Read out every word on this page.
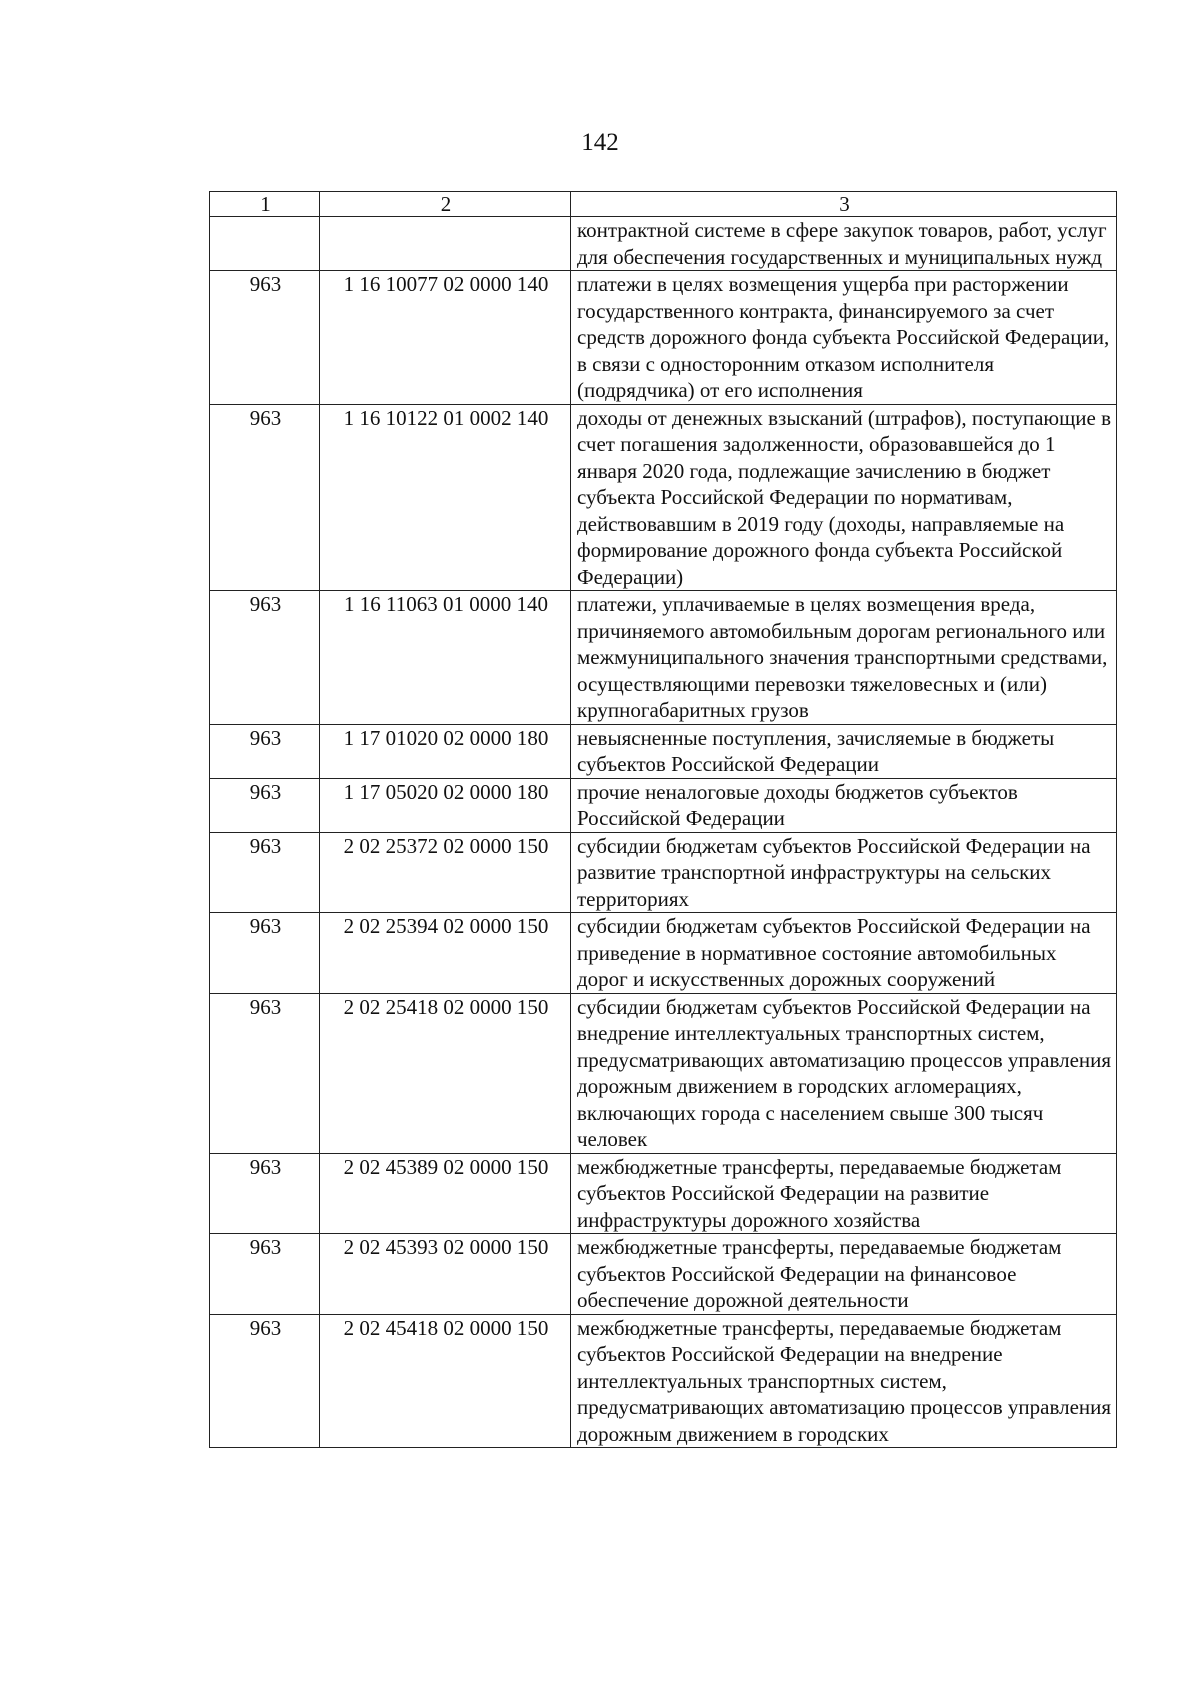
142
1	2	3
		контрактной системе в сфере закупок товаров, работ, услуг для обеспечения государственных и муниципальных нужд
963	1 16 10077 02 0000 140	платежи в целях возмещения ущерба при расторжении государственного контракта, финансируемого за счет средств дорожного фонда субъекта Российской Федерации, в связи с односторонним отказом исполнителя (подрядчика) от его исполнения
963	1 16 10122 01 0002 140	доходы от денежных взысканий (штрафов), поступающие в счет погашения задолженности, образовавшейся до 1 января 2020 года, подлежащие зачислению в бюджет субъекта Российской Федерации по нормативам, действовавшим в 2019 году (доходы, направляемые на формирование дорожного фонда субъекта Российской Федерации)
963	1 16 11063 01 0000 140	платежи, уплачиваемые в целях возмещения вреда, причиняемого автомобильным дорогам регионального или межмуниципального значения транспортными средствами, осуществляющими перевозки тяжеловесных и (или) крупногабаритных грузов
963	1 17 01020 02 0000 180	невыясненные поступления, зачисляемые в бюджеты субъектов Российской Федерации
963	1 17 05020 02 0000 180	прочие неналоговые доходы бюджетов субъектов Российской Федерации
963	2 02 25372 02 0000 150	субсидии бюджетам субъектов Российской Федерации на развитие транспортной инфраструктуры на сельских территориях
963	2 02 25394 02 0000 150	субсидии бюджетам субъектов Российской Федерации на приведение в нормативное состояние автомобильных дорог и искусственных дорожных сооружений
963	2 02 25418 02 0000 150	субсидии бюджетам субъектов Российской Федерации на внедрение интеллектуальных транспортных систем, предусматривающих автоматизацию процессов управления дорожным движением в городских агломерациях, включающих города с населением свыше 300 тысяч человек
963	2 02 45389 02 0000 150	межбюджетные трансферты, передаваемые бюджетам субъектов Российской Федерации на развитие инфраструктуры дорожного хозяйства
963	2 02 45393 02 0000 150	межбюджетные трансферты, передаваемые бюджетам субъектов Российской Федерации на финансовое обеспечение дорожной деятельности
963	2 02 45418 02 0000 150	межбюджетные трансферты, передаваемые бюджетам субъектов Российской Федерации на внедрение интеллектуальных транспортных систем, предусматривающих автоматизацию процессов управления дорожным движением в городских
